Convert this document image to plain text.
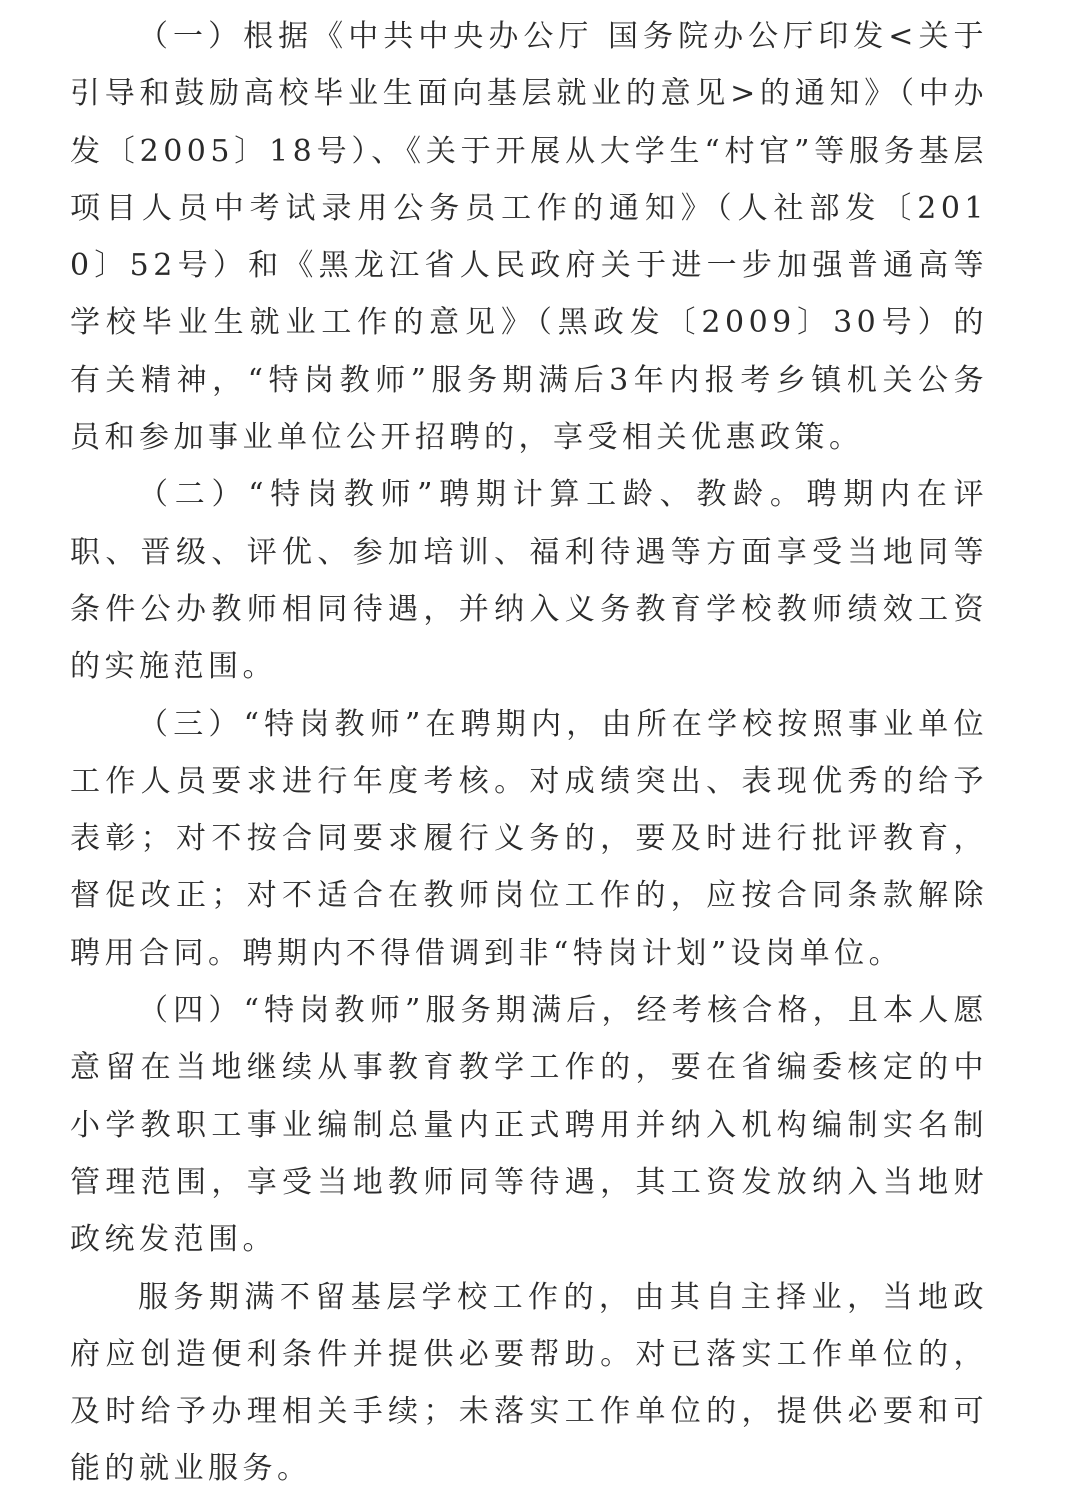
（一）根据《中共中央办公厅 国务院办公厅印发<关于引导和鼓励高校毕业生面向基层就业的意见>的通知》（中办发〔2005〕18号）、《关于开展从大学生“村官”等服务基层项目人员中考试录用公务员工作的通知》（人社部发〔2010〕52号）和《黑龙江省人民政府关于进一步加强普通高等学校毕业生就业工作的意见》（黑政发〔2009〕30号）的有关精神，“特岗教师”服务期满后3年内报考乡镇机关公务员和参加事业单位公开招聘的，享受相关优惠政策。

（二）“特岗教师”聘期计算工龄、教龄。聘期内在评职、晋级、评优、参加培训、福利待遇等方面享受当地同等条件公办教师相同待遇，并纳入义务教育学校教师绩效工资的实施范围。

（三）“特岗教师”在聘期内，由所在学校按照事业单位工作人员要求进行年度考核。对成绩突出、表现优秀的给予表彰；对不按合同要求履行义务的，要及时进行批评教育，督促改正；对不适合在教师岗位工作的，应按合同条款解除聘用合同。聘期内不得借调到非“特岗计划”设岗单位。

（四）“特岗教师”服务期满后，经考核合格，且本人愿意留在当地继续从事教育教学工作的，要在省编委核定的中小学教职工事业编制总量内正式聘用并纳入机构编制实名制管理范围，享受当地教师同等待遇，其工资发放纳入当地财政统发范围。

服务期满不留基层学校工作的，由其自主择业，当地政府应创造便利条件并提供必要帮助。对已落实工作单位的，及时给予办理相关手续；未落实工作单位的，提供必要和可能的就业服务。
